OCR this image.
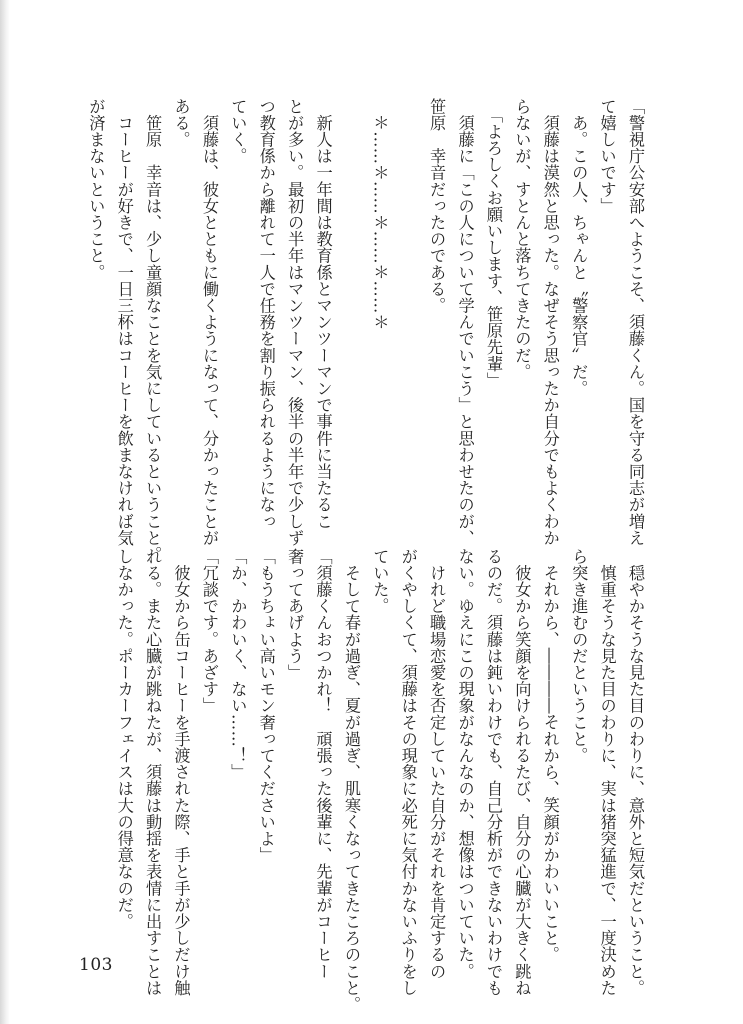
「警視庁公安部へようこそ、須藤くん。国を守る同志が増え
て嬉しいです」
　あ。この人、ちゃんと〝警察官〟だ。
　須藤は漠然と思った。なぜそう思ったか自分でもよくわか
らないが、すとんと落ちてきたのだ。
　「よろしくお願いします、笹原先輩」
　須藤に「この人について学んでいこう」と思わせたのが、
笹原　幸音だったのである。
　＊……＊……＊……＊……＊
　新人は一年間は教育係とマンツーマンで事件に当たるこ
とが多い。最初の半年はマンツーマン、後半の半年で少しず
つ教育係から離れて一人で任務を割り振られるようになっ
ていく。
　須藤は、彼女とともに働くようになって、分かったことが
ある。
　笹原　幸音は、少し童顔なことを気にしているということ。
　コーヒーが好きで、一日三杯はコーヒーを飲まなければ気
が済まないということ。
　穏やかそうな見た目のわりに、意外と短気だということ。
　慎重そうな見た目のわりに、実は猪突猛進で、一度決めた
ら突き進むのだということ。
　それから、――――それから、笑顔がかわいいこと。
　彼女から笑顔を向けられるたび、自分の心臓が大きく跳ね
るのだ。須藤は鈍いわけでも、自己分析ができないわけでも
ない。ゆえにこの現象がなんなのか、想像はついていた。
　けれど職場恋愛を否定していた自分がそれを肯定するの
がくやしくて、須藤はその現象に必死に気付かないふりをし
ていた。
　そして春が過ぎ、夏が過ぎ、肌寒くなってきたころのこと。
「須藤くんおつかれ！　頑張った後輩に、先輩がコーヒー
奢ってあげよう」
「もうちょい高いモン奢ってくださいよ」
「か、かわいく、ない……！」
「冗談です。あざす」
　彼女から缶コーヒーを手渡された際、手と手が少しだけ触
れる。また心臓が跳ねたが、須藤は動揺を表情に出すことは
しなかった。ポーカーフェイスは大の得意なのだ。
103
